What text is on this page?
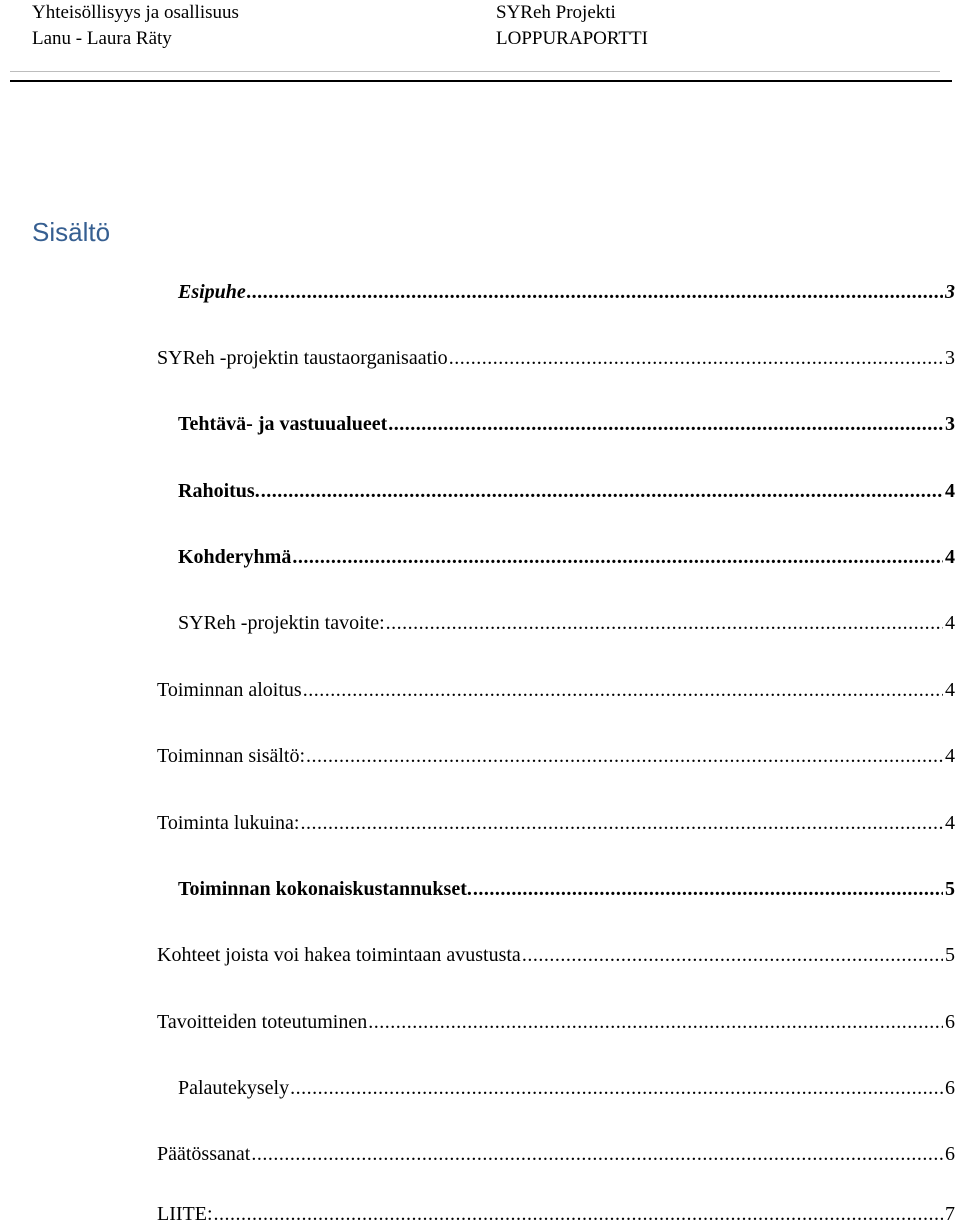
Yhteisöllisyys ja osallisuus
Lanu - Laura Räty
SYReh Projekti
LOPPURAPORTTI
Sisältö
Esipuhe .....	3
SYReh -projektin taustaorganisaatio .....	3
Tehtävä- ja vastuualueet .....	3
Rahoitus. .....	4
Kohderyhmä .....	4
SYReh -projektin tavoite: .....	4
Toiminnan aloitus .....	4
Toiminnan sisältö: .....	4
Toiminta lukuina: .....	4
Toiminnan kokonaiskustannukset. .....	5
Kohteet joista voi hakea toimintaan avustusta .....	5
Tavoitteiden toteutuminen .....	6
Palautekysely .....	6
Päätössanat .....	6
LIITE: .....	7
